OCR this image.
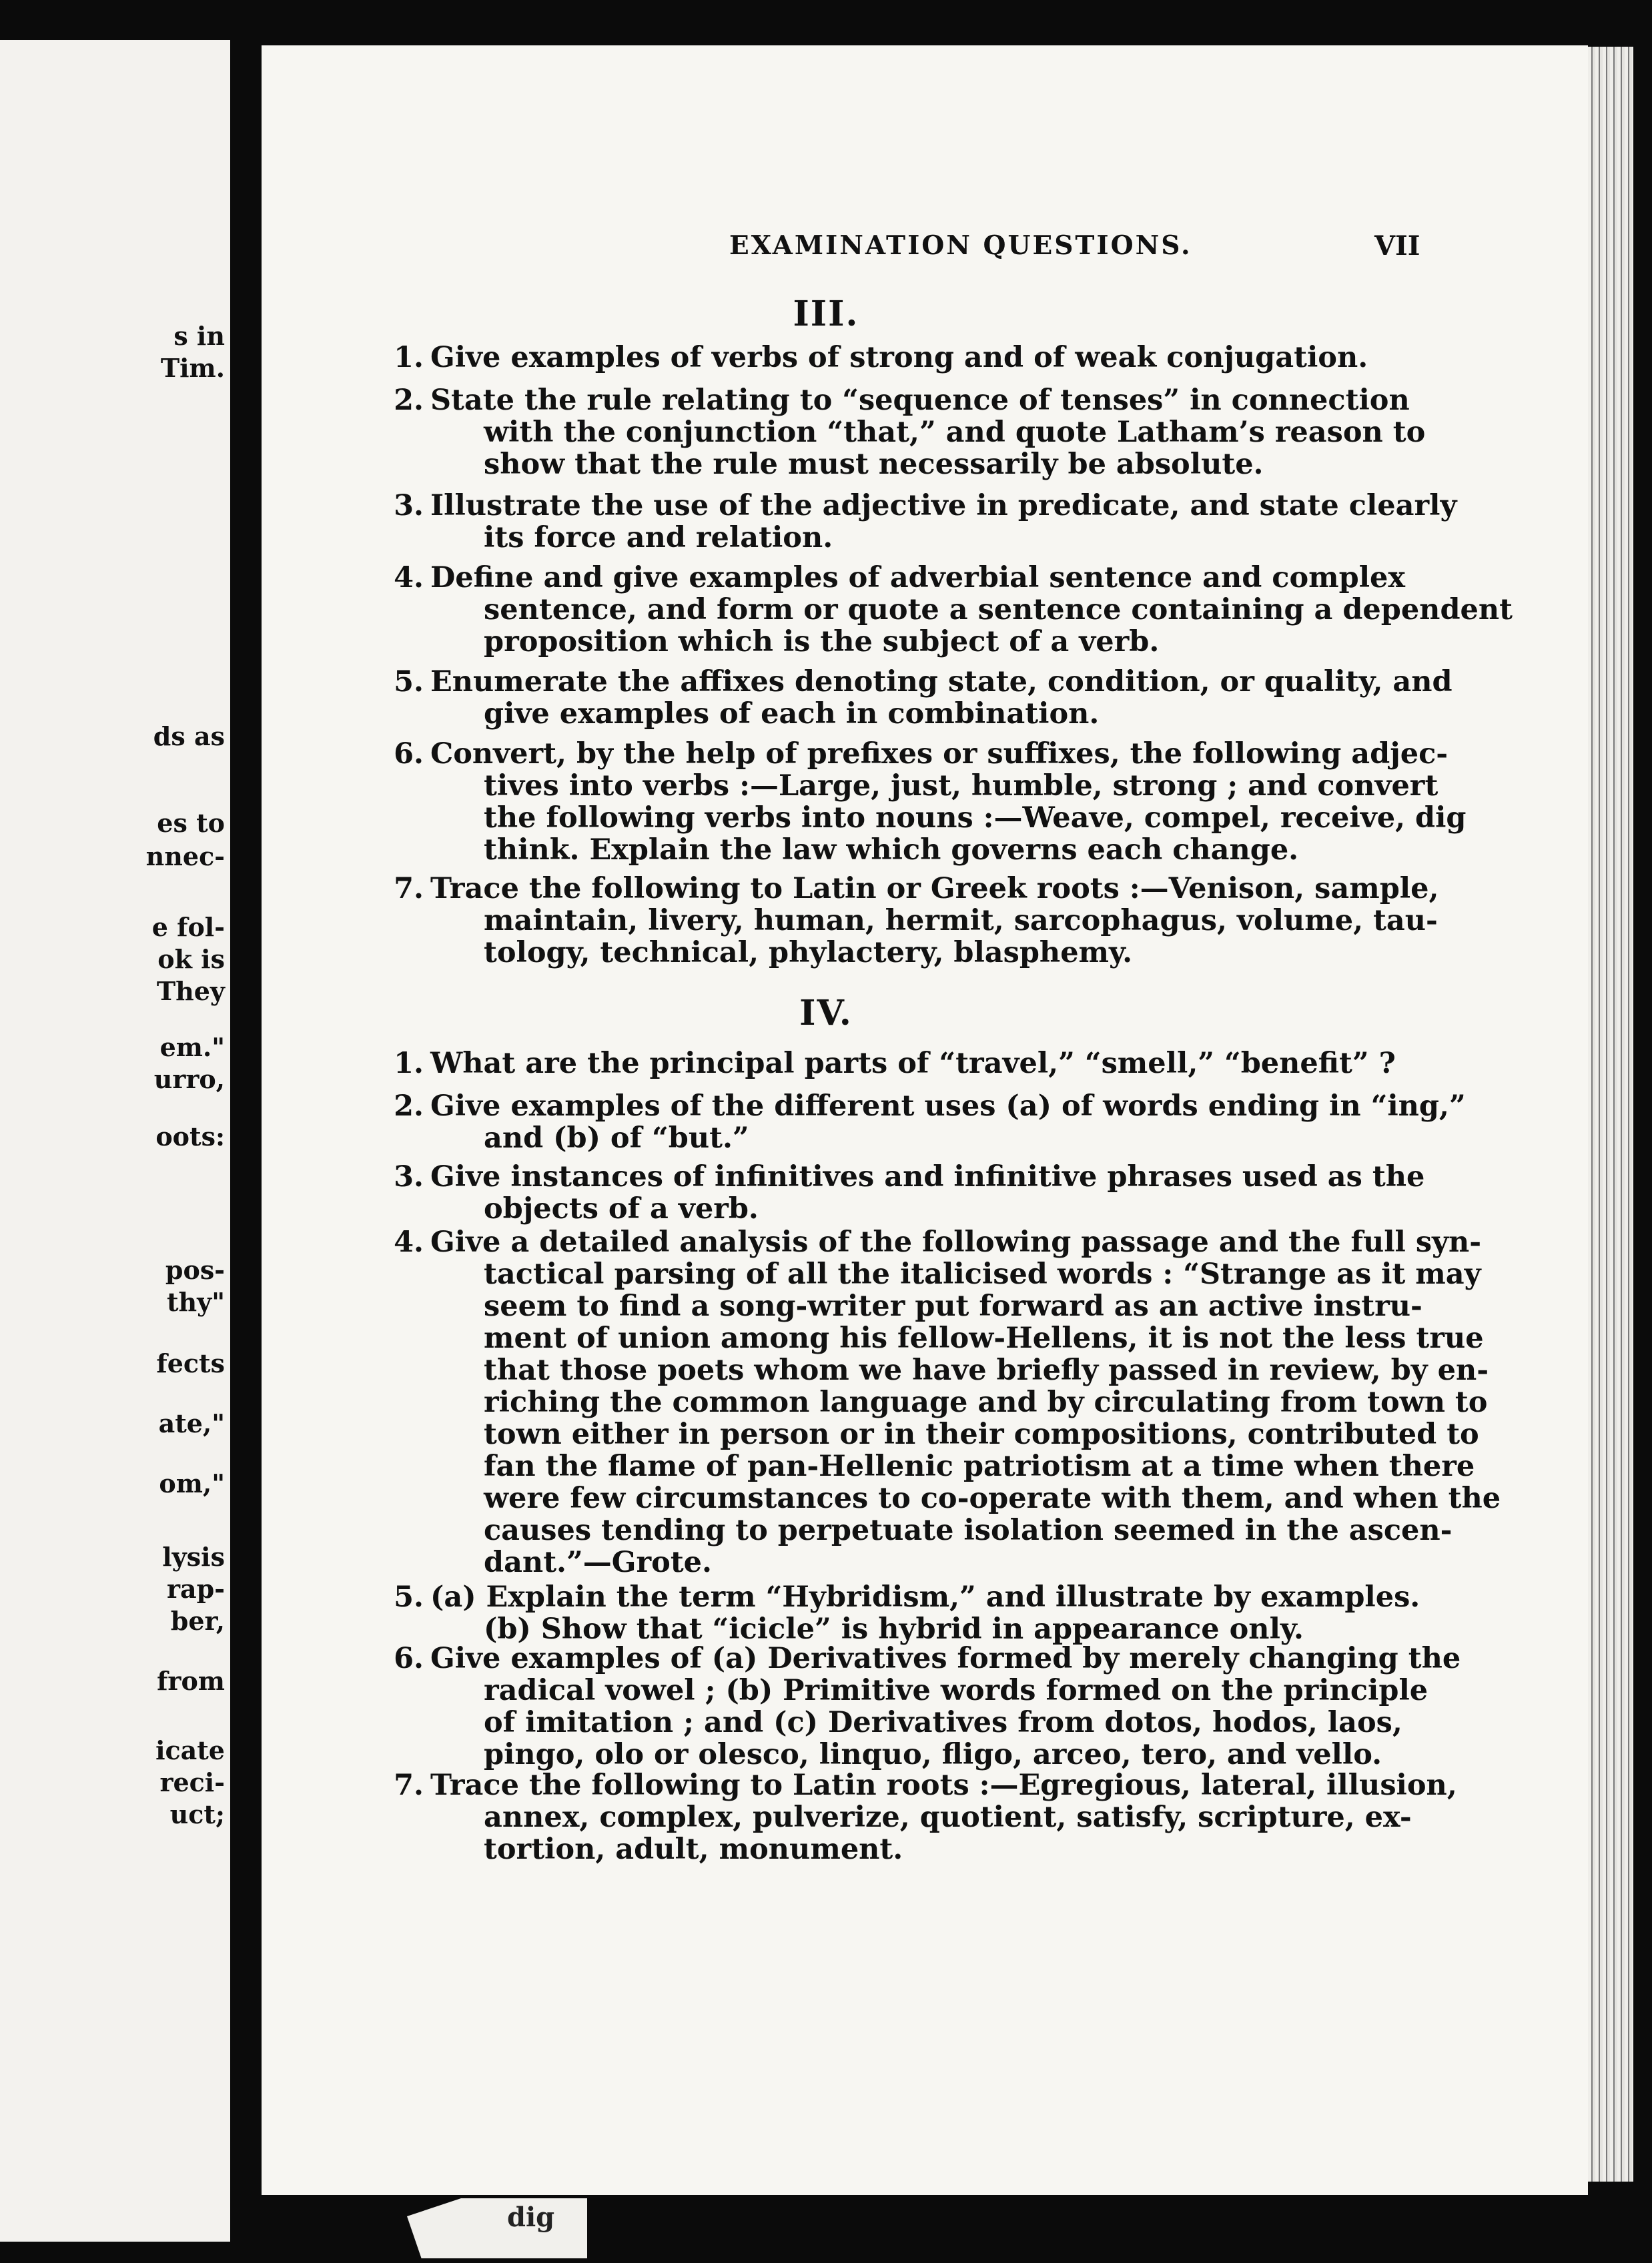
s in
Tim.
ds as
es to
nnec-
e fol-
ok is
They
em."
urro,
oots:
pos-
thy"
fects
ate,"
om,"
lysis
rap-
ber,
from
icate
reci-
uct;
dig
EXAMINATION QUESTIONS.	VII
III.
1. Give examples of verbs of strong and of weak conjugation.
2. State the rule relating to “sequence of tenses” in connection
with the conjunction “that,” and quote Latham’s reason to
show that the rule must necessarily be absolute.
3. Illustrate the use of the adjective in predicate, and state clearly
its force and relation.
4. Define and give examples of adverbial sentence and complex
sentence, and form or quote a sentence containing a dependent
proposition which is the subject of a verb.
5. Enumerate the affixes denoting state, condition, or quality, and
give examples of each in combination.
6. Convert, by the help of prefixes or suffixes, the following adjec-
tives into verbs :—Large, just, humble, strong ; and convert
the following verbs into nouns :—Weave, compel, receive, dig
think. Explain the law which governs each change.
7. Trace the following to Latin or Greek roots :—Venison, sample,
maintain, livery, human, hermit, sarcophagus, volume, tau-
tology, technical, phylactery, blasphemy.
IV.
1. What are the principal parts of “travel,” “smell,” “benefit” ?
2. Give examples of the different uses (a) of words ending in “ing,”
and (b) of “but.”
3. Give instances of infinitives and infinitive phrases used as the
objects of a verb.
4. Give a detailed analysis of the following passage and the full syn-
tactical parsing of all the italicised words : “Strange as it may
seem to find a song-writer put forward as an active instru-
ment of union among his fellow-Hellens, it is not the less true
that those poets whom we have briefly passed in review, by en-
riching the common language and by circulating from town to
town either in person or in their compositions, contributed to
fan the flame of pan-Hellenic patriotism at a time when there
were few circumstances to co-operate with them, and when the
causes tending to perpetuate isolation seemed in the ascen-
dant.”—Grote.
5. (a) Explain the term “Hybridism,” and illustrate by examples.
(b) Show that “icicle” is hybrid in appearance only.
6. Give examples of (a) Derivatives formed by merely changing the
radical vowel ; (b) Primitive words formed on the principle
of imitation ; and (c) Derivatives from dotos, hodos, laos,
pingo, olo or olesco, linquo, fligo, arceo, tero, and vello.
7. Trace the following to Latin roots :—Egregious, lateral, illusion,
annex, complex, pulverize, quotient, satisfy, scripture, ex-
tortion, adult, monument.
